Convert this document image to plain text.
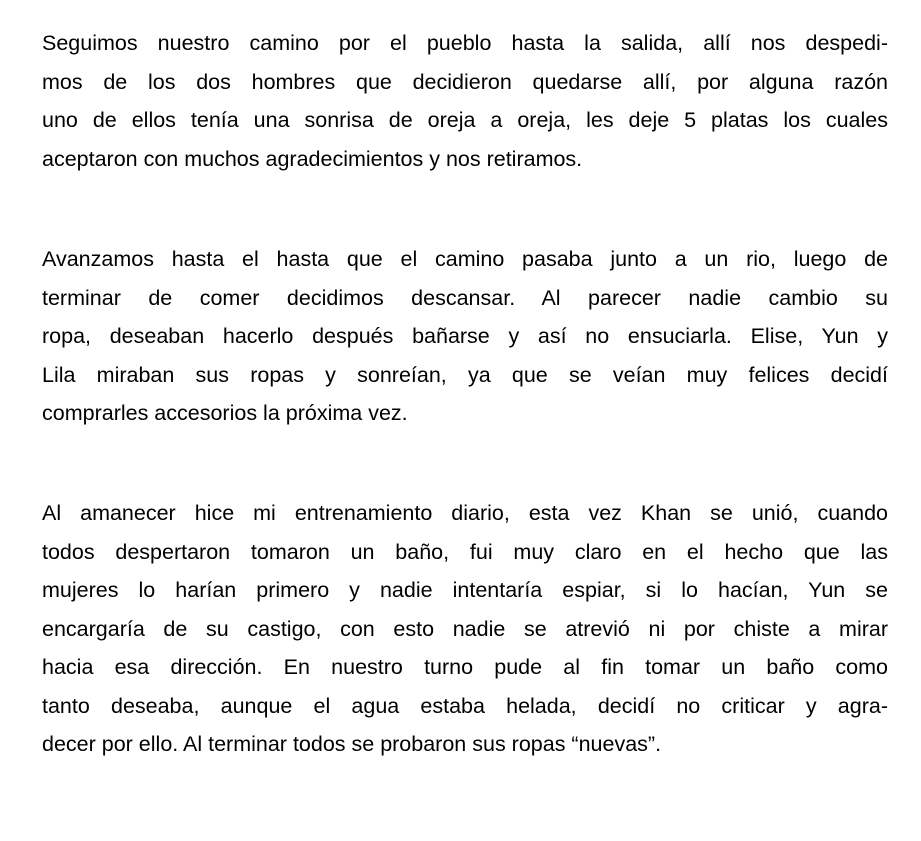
Seguimos nuestro camino por el pueblo hasta la salida, allí nos despedi-
mos de los dos hombres que decidieron quedarse allí, por alguna razón
uno de ellos tenía una sonrisa de oreja a oreja, les deje 5 platas los cuales
aceptaron con muchos agradecimientos y nos retiramos.
Avanzamos hasta el hasta que el camino pasaba junto a un rio, luego de
terminar de comer decidimos descansar. Al parecer nadie cambio su
ropa, deseaban hacerlo después bañarse y así no ensuciarla. Elise, Yun y
Lila miraban sus ropas y sonreían, ya que se veían muy felices decidí
comprarles accesorios la próxima vez.
Al amanecer hice mi entrenamiento diario, esta vez Khan se unió, cuando
todos despertaron tomaron un baño, fui muy claro en el hecho que las
mujeres lo harían primero y nadie intentaría espiar, si lo hacían, Yun se
encargaría de su castigo, con esto nadie se atrevió ni por chiste a mirar
hacia esa dirección. En nuestro turno pude al fin tomar un baño como
tanto deseaba, aunque el agua estaba helada, decidí no criticar y agra-
decer por ello. Al terminar todos se probaron sus ropas “nuevas”.
